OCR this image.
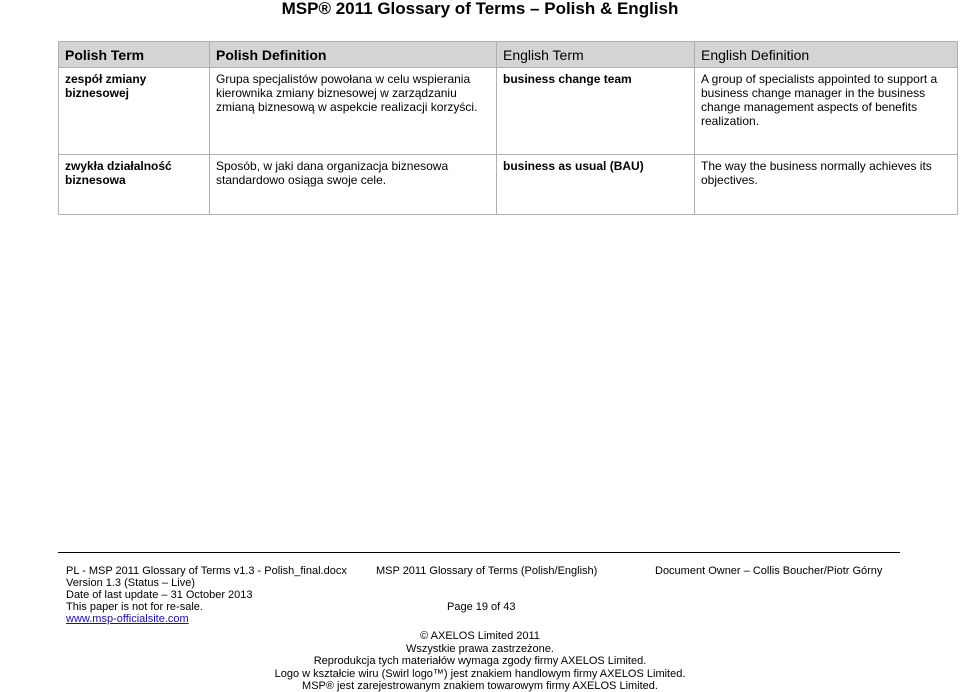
MSP® 2011 Glossary of Terms – Polish & English
Polish Term	Polish Definition	English Term	English Definition
zespół zmiany biznesowej	Grupa specjalistów powołana w celu wspierania kierownika zmiany biznesowej w zarządzaniu zmianą biznesową w aspekcie realizacji korzyści.	business change team	A group of specialists appointed to support a business change manager in the business change management aspects of benefits realization.
zwykła działalność biznesowa	Sposób, w jaki dana organizacja biznesowa standardowo osiąga swoje cele.	business as usual (BAU)	The way the business normally achieves its objectives.
PL - MSP 2011 Glossary of Terms v1.3 - Polish_final.docx
Version 1.3 (Status – Live)
Date of last update – 31 October 2013
This paper is not for re-sale.
www.msp-officialsite.com
MSP 2011 Glossary of Terms (Polish/English)	Document Owner – Collis Boucher/Piotr Górny
Page 19 of 43
© AXELOS Limited 2011
Wszystkie prawa zastrzeżone.
Reprodukcja tych materiałów wymaga zgody firmy AXELOS Limited.
Logo w kształcie wiru (Swirl logo™) jest znakiem handlowym firmy AXELOS Limited.
MSP® jest zarejestrowanym znakiem towarowym firmy AXELOS Limited.
